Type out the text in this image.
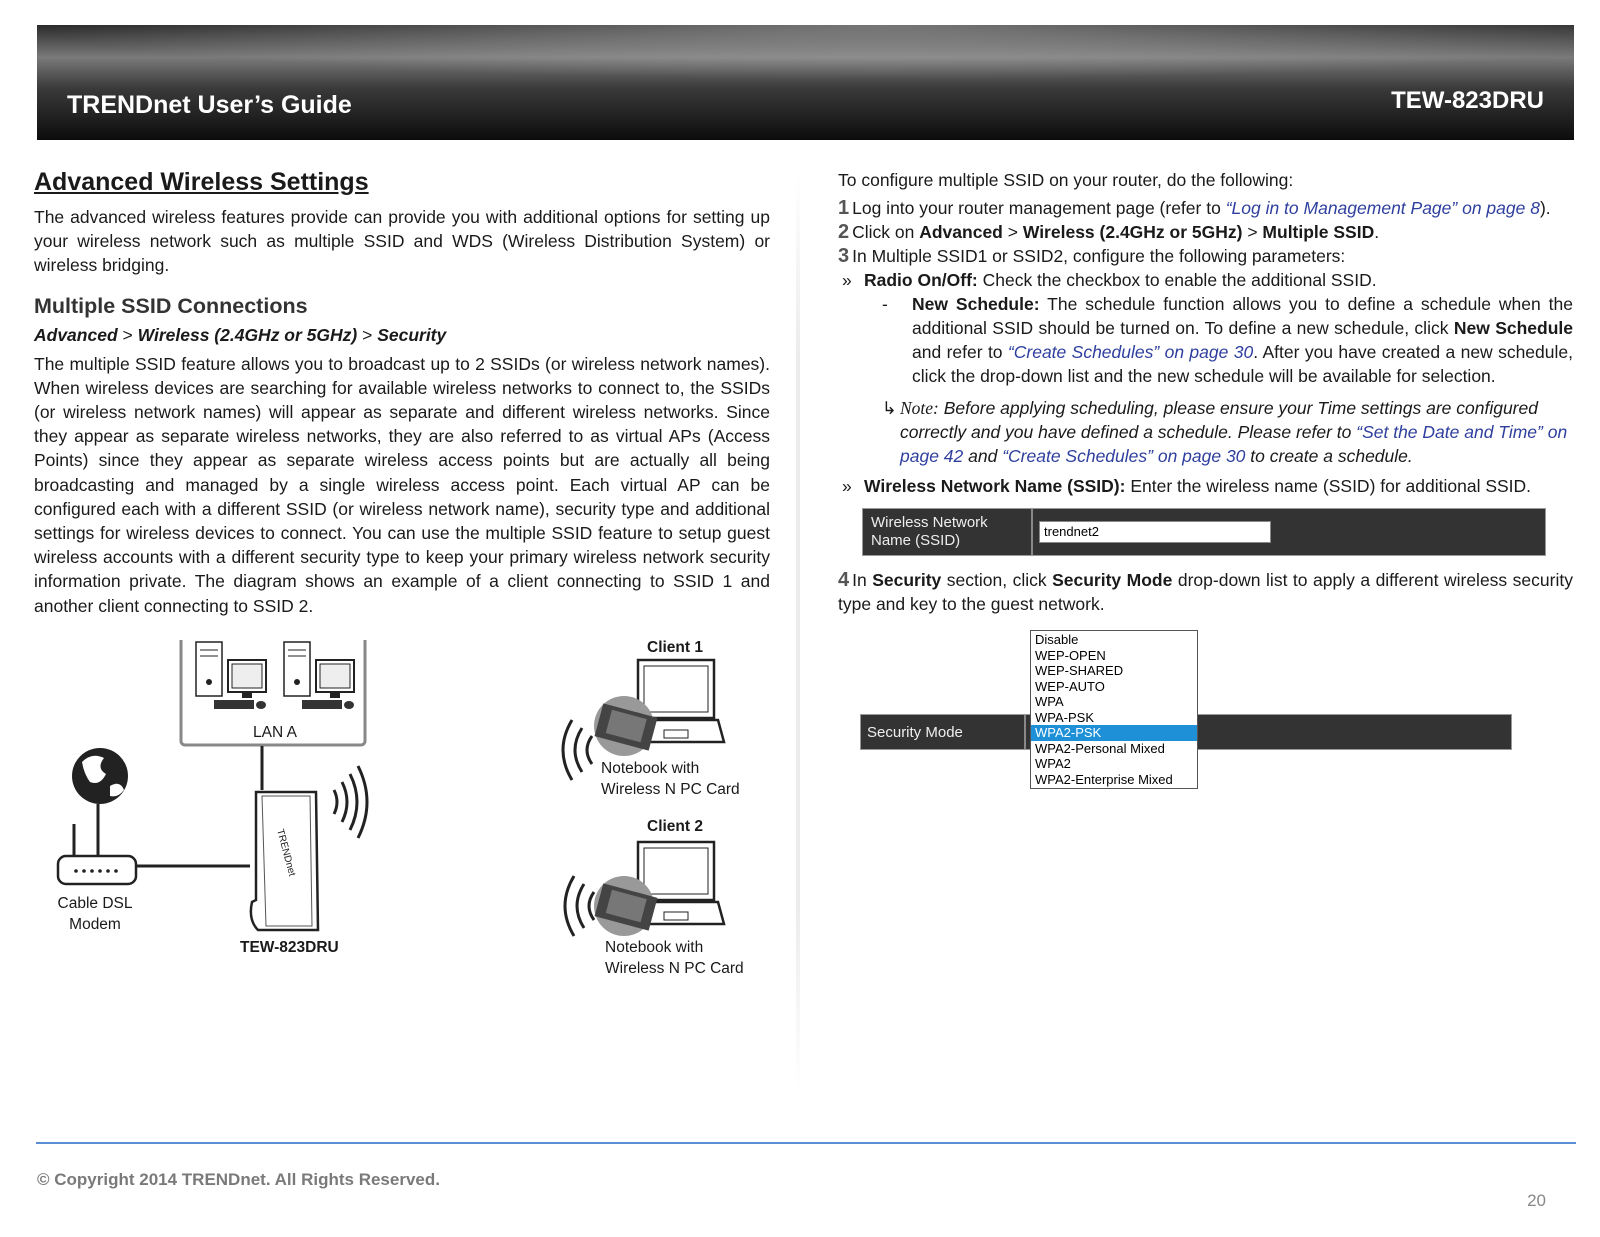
TRENDnet User’s Guide	TEW-823DRU
Advanced Wireless Settings
The advanced wireless features provide can provide you with additional options for setting up your wireless network such as multiple SSID and WDS (Wireless Distribution System) or wireless bridging.
Multiple SSID Connections
Advanced > Wireless (2.4GHz or 5GHz) > Security
The multiple SSID feature allows you to broadcast up to 2 SSIDs (or wireless network names). When wireless devices are searching for available wireless networks to connect to, the SSIDs (or wireless network names) will appear as separate and different wireless networks. Since they appear as separate wireless networks, they are also referred to as virtual APs (Access Points) since they appear as separate wireless access points but are actually all being broadcasting and managed by a single wireless access point. Each virtual AP can be configured each with a different SSID (or wireless network name), security type and additional settings for wireless devices to connect. You can use the multiple SSID feature to setup guest wireless accounts with a different security type to keep your primary wireless network security information private. The diagram shows an example of a client connecting to SSID 1 and another client connecting to SSID 2.
TRENDnet
LAN A
Client 1
Notebook with
Wireless N PC Card
Client 2
Notebook with
Wireless N PC Card
Cable DSL
Modem
TEW-823DRU
To configure multiple SSID on your router, do the following:
1 Log into your router management page (refer to “Log in to Management Page” on page 8).
2 Click on Advanced > Wireless (2.4GHz or 5GHz) > Multiple SSID.
3 In Multiple SSID1 or SSID2, configure the following parameters:
» Radio On/Off: Check the checkbox to enable the additional SSID.
- New Schedule: The schedule function allows you to define a schedule when the additional SSID should be turned on. To define a new schedule, click New Schedule and refer to “Create Schedules” on page 30. After you have created a new schedule, click the drop-down list and the new schedule will be available for selection.
↳ Note: Before applying scheduling, please ensure your Time settings are configured correctly and you have defined a schedule. Please refer to “Set the Date and Time” on page 42 and “Create Schedules” on page 30 to create a schedule.
» Wireless Network Name (SSID): Enter the wireless name (SSID) for additional SSID.
Wireless Network
Name (SSID)
trendnet2
4 In Security section, click Security Mode drop-down list to apply a different wireless security type and key to the guest network.
Security Mode
Disable
WEP-OPEN
WEP-SHARED
WEP-AUTO
WPA
WPA-PSK
WPA2-PSK
WPA2-Personal Mixed
WPA2
WPA2-Enterprise Mixed
© Copyright 2014 TRENDnet. All Rights Reserved.
20
